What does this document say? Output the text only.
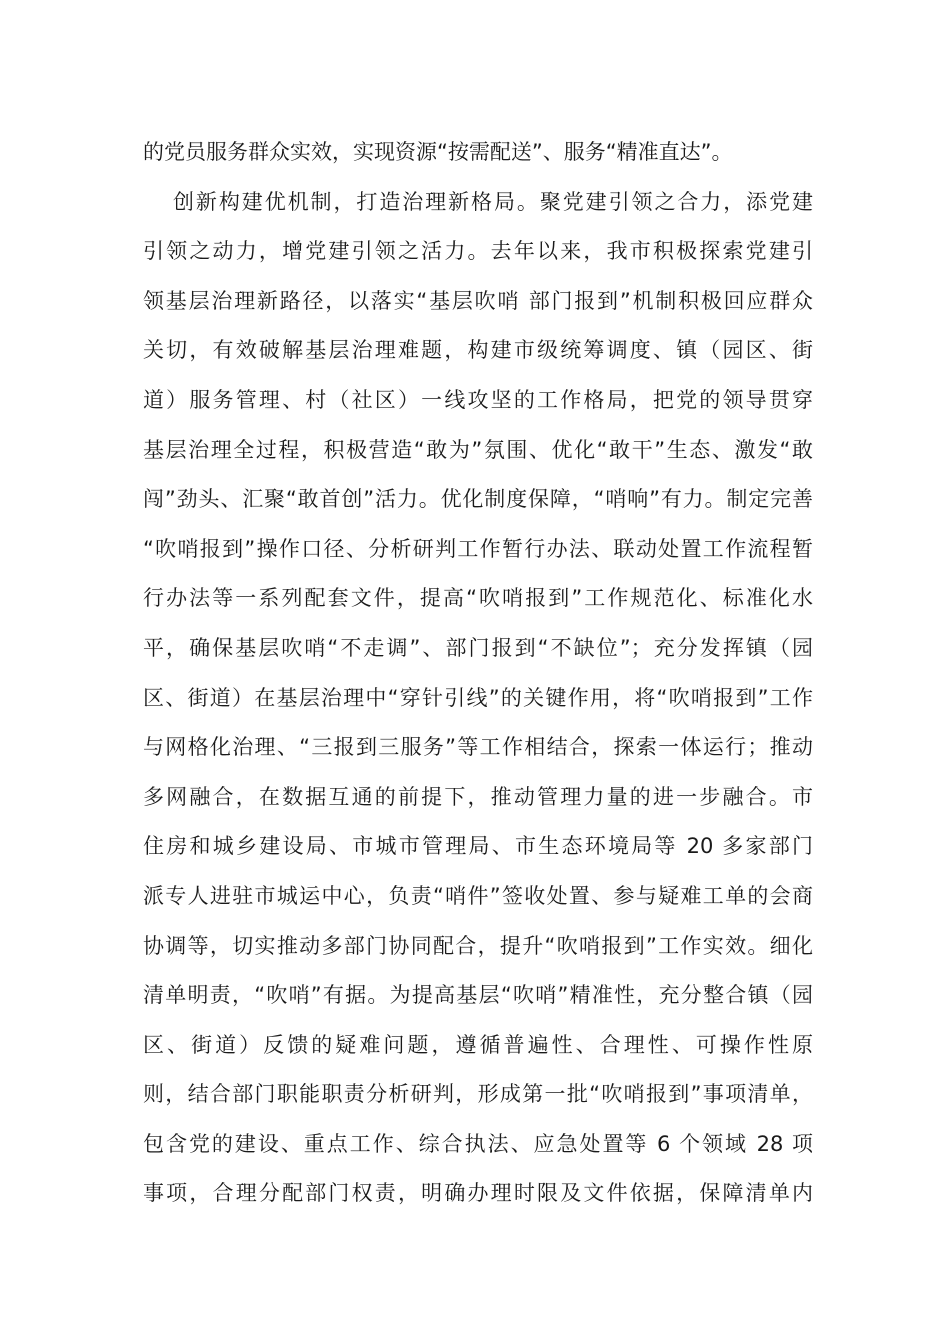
的党员服务群众实效，实现资源“按需配送”、服务“精准直达”。
创新构建优机制，打造治理新格局。聚党建引领之合力，添党建
引领之动力，增党建引领之活力。去年以来，我市积极探索党建引
领基层治理新路径，以落实“基层吹哨 部门报到”机制积极回应群众
关切，有效破解基层治理难题，构建市级统筹调度、镇（园区、街
道）服务管理、村（社区）一线攻坚的工作格局，把党的领导贯穿
基层治理全过程，积极营造“敢为”氛围、优化“敢干”生态、激发“敢
闯”劲头、汇聚“敢首创”活力。优化制度保障，“哨响”有力。制定完善
“吹哨报到”操作口径、分析研判工作暂行办法、联动处置工作流程暂
行办法等一系列配套文件，提高“吹哨报到”工作规范化、标准化水
平，确保基层吹哨“不走调”、部门报到“不缺位”；充分发挥镇（园
区、街道）在基层治理中“穿针引线”的关键作用，将“吹哨报到”工作
与网格化治理、“三报到三服务”等工作相结合，探索一体运行；推动
多网融合，在数据互通的前提下，推动管理力量的进一步融合。市
住房和城乡建设局、市城市管理局、市生态环境局等 20 多家部门
派专人进驻市城运中心，负责“哨件”签收处置、参与疑难工单的会商
协调等，切实推动多部门协同配合，提升“吹哨报到”工作实效。细化
清单明责，“吹哨”有据。为提高基层“吹哨”精准性，充分整合镇（园
区、街道）反馈的疑难问题，遵循普遍性、合理性、可操作性原
则，结合部门职能职责分析研判，形成第一批“吹哨报到”事项清单，
包含党的建设、重点工作、综合执法、应急处置等 6 个领域 28 项
事项，合理分配部门权责，明确办理时限及文件依据，保障清单内
